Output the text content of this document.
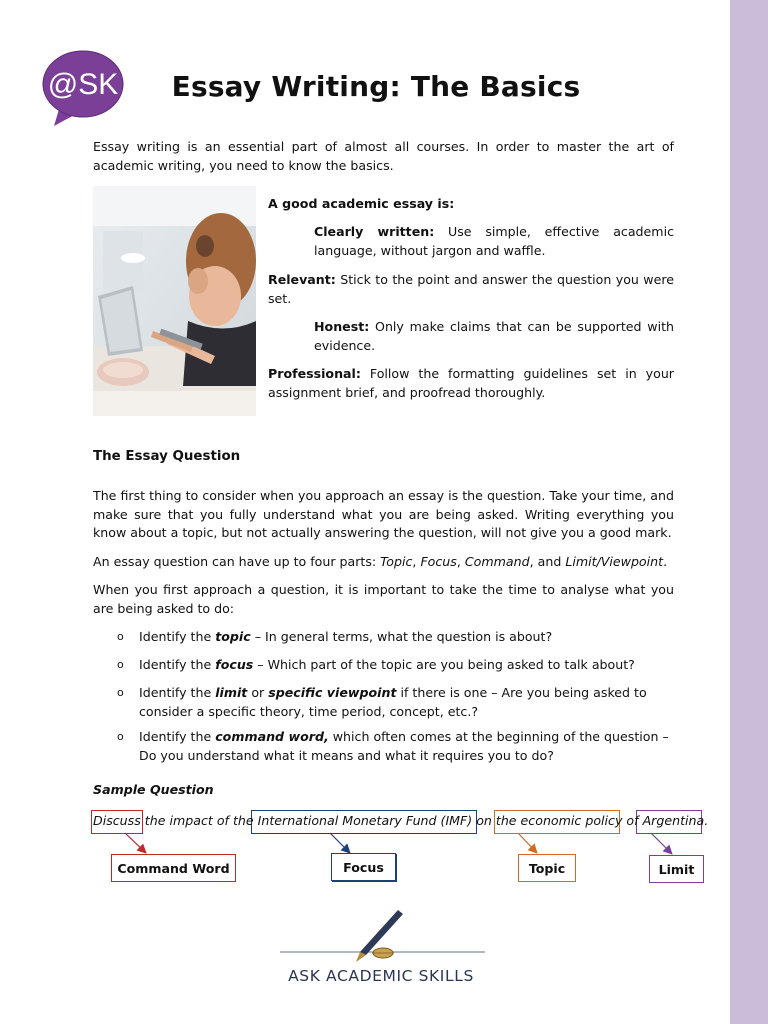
@SK	Essay Writing: The Basics

Essay writing is an essential part of almost all courses. In order to master the art of academic writing, you need to know the basics.

A good academic essay is:

Clearly written: Use simple, effective academic language, without jargon and waffle.

Relevant: Stick to the point and answer the question you were set.

Honest: Only make claims that can be supported with evidence.

Professional: Follow the formatting guidelines set in your assignment brief, and proofread thoroughly.

The Essay Question

The first thing to consider when you approach an essay is the question. Take your time, and make sure that you fully understand what you are being asked. Writing everything you know about a topic, but not actually answering the question, will not give you a good mark.

An essay question can have up to four parts: Topic, Focus, Command, and Limit/Viewpoint.

When you first approach a question, it is important to take the time to analyse what you are being asked to do:

o Identify the topic – In general terms, what the question is about?
o Identify the focus – Which part of the topic are you being asked to talk about?
o Identify the limit or specific viewpoint if there is one – Are you being asked to consider a specific theory, time period, concept, etc.?
o Identify the command word, which often comes at the beginning of the question – Do you understand what it means and what it requires you to do?
Sample Question
Discuss the impact of the International Monetary Fund (IMF) on the economic policy of Argentina.
Command Word	Focus	Topic	Limit
ASK ACADEMIC SKILLS
